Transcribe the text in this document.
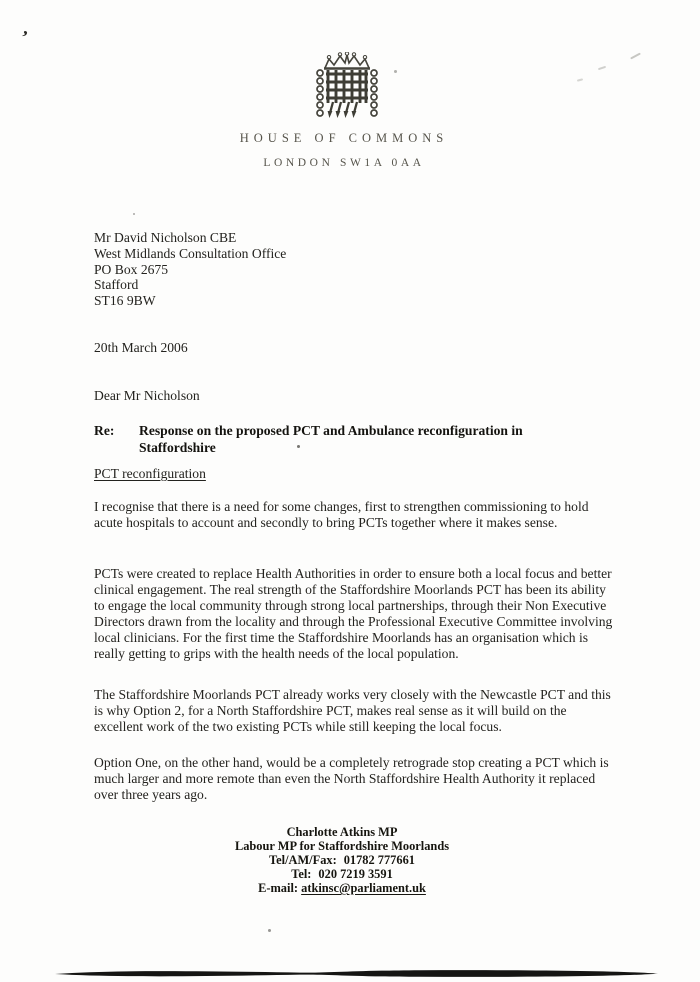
,
HOUSE OF COMMONS
LONDON SW1A 0AA
Mr David Nicholson CBE
West Midlands Consultation Office
PO Box 2675
Stafford
ST16 9BW
20th March 2006
Dear Mr Nicholson
Re:	Response on the proposed PCT and Ambulance reconfiguration in
Staffordshire
PCT reconfiguration
I recognise that there is a need for some changes, first to strengthen commissioning to hold acute hospitals to account and secondly to bring PCTs together where it makes sense.
PCTs were created to replace Health Authorities in order to ensure both a local focus and better clinical engagement. The real strength of the Staffordshire Moorlands PCT has been its ability to engage the local community through strong local partnerships, through their Non Executive Directors drawn from the locality and through the Professional Executive Committee involving local clinicians. For the first time the Staffordshire Moorlands has an organisation which is really getting to grips with the health needs of the local population.
The Staffordshire Moorlands PCT already works very closely with the Newcastle PCT and this is why Option 2, for a North Staffordshire PCT, makes real sense as it will build on the excellent work of the two existing PCTs while still keeping the local focus.
Option One, on the other hand, would be a completely retrograde stop creating a PCT which is much larger and more remote than even the North Staffordshire Health Authority it replaced over three years ago.
Charlotte Atkins MP
Labour MP for Staffordshire Moorlands
Tel/AM/Fax: 01782 777661
Tel: 020 7219 3591
E-mail: atkinsc@parliament.uk
